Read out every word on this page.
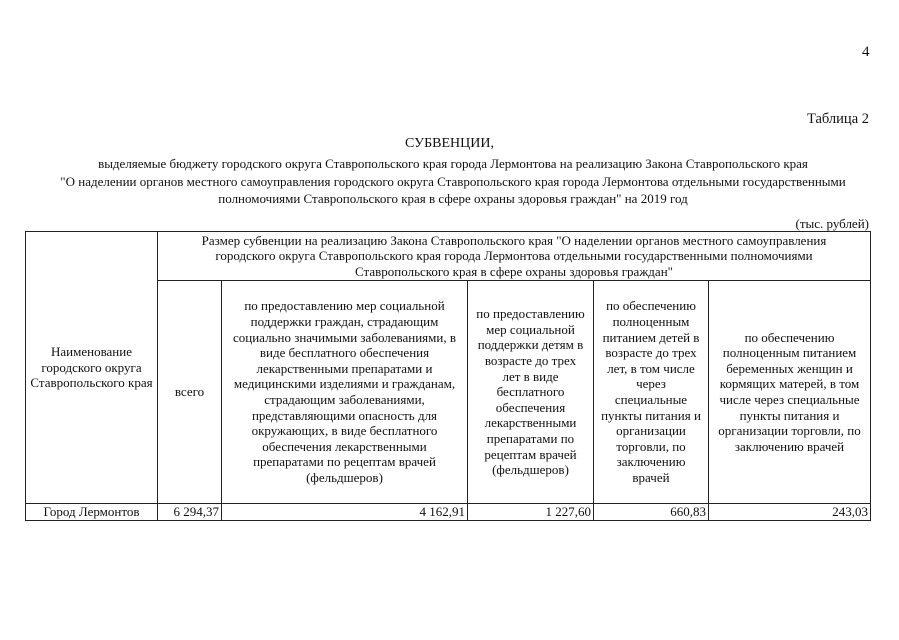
4
Таблица 2
СУБВЕНЦИИ,
выделяемые бюджету городского округа Ставропольского края города Лермонтова на реализацию Закона Ставропольского края
"О наделении органов местного самоуправления городского округа Ставропольского края города Лермонтова отдельными государственными
полномочиями Ставропольского края в сфере охраны здоровья граждан" на 2019 год
(тыс. рублей)
Наименование городского округа Ставропольского края	Размер субвенции на реализацию Закона Ставропольского края "О наделении органов местного самоуправления городского округа Ставропольского края города Лермонтова отдельными государственными полномочиями Ставропольского края в сфере охраны здоровья граждан"				
	всего	по предоставлению мер социальной поддержки граждан, страдающим социально значимыми заболеваниями, в виде бесплатного обеспечения лекарственными препаратами и медицинскими изделиями и гражданам, страдающим заболеваниями, представляющими опасность для окружающих, в виде бесплатного обеспечения лекарственными препаратами по рецептам врачей (фельдшеров)	по предоставлению мер социальной поддержки детям в возрасте до трех лет в виде бесплатного обеспечения лекарственными препаратами по рецептам врачей (фельдшеров)	по обеспечению полноценным питанием детей в возрасте до трех лет, в том числе через специальные пункты питания и организации торговли, по заключению врачей	по обеспечению полноценным питанием беременных женщин и кормящих матерей, в том числе через специальные пункты питания и организации торговли, по заключению врачей
Город Лермонтов	6 294,37	4 162,91	1 227,60	660,83	243,03
